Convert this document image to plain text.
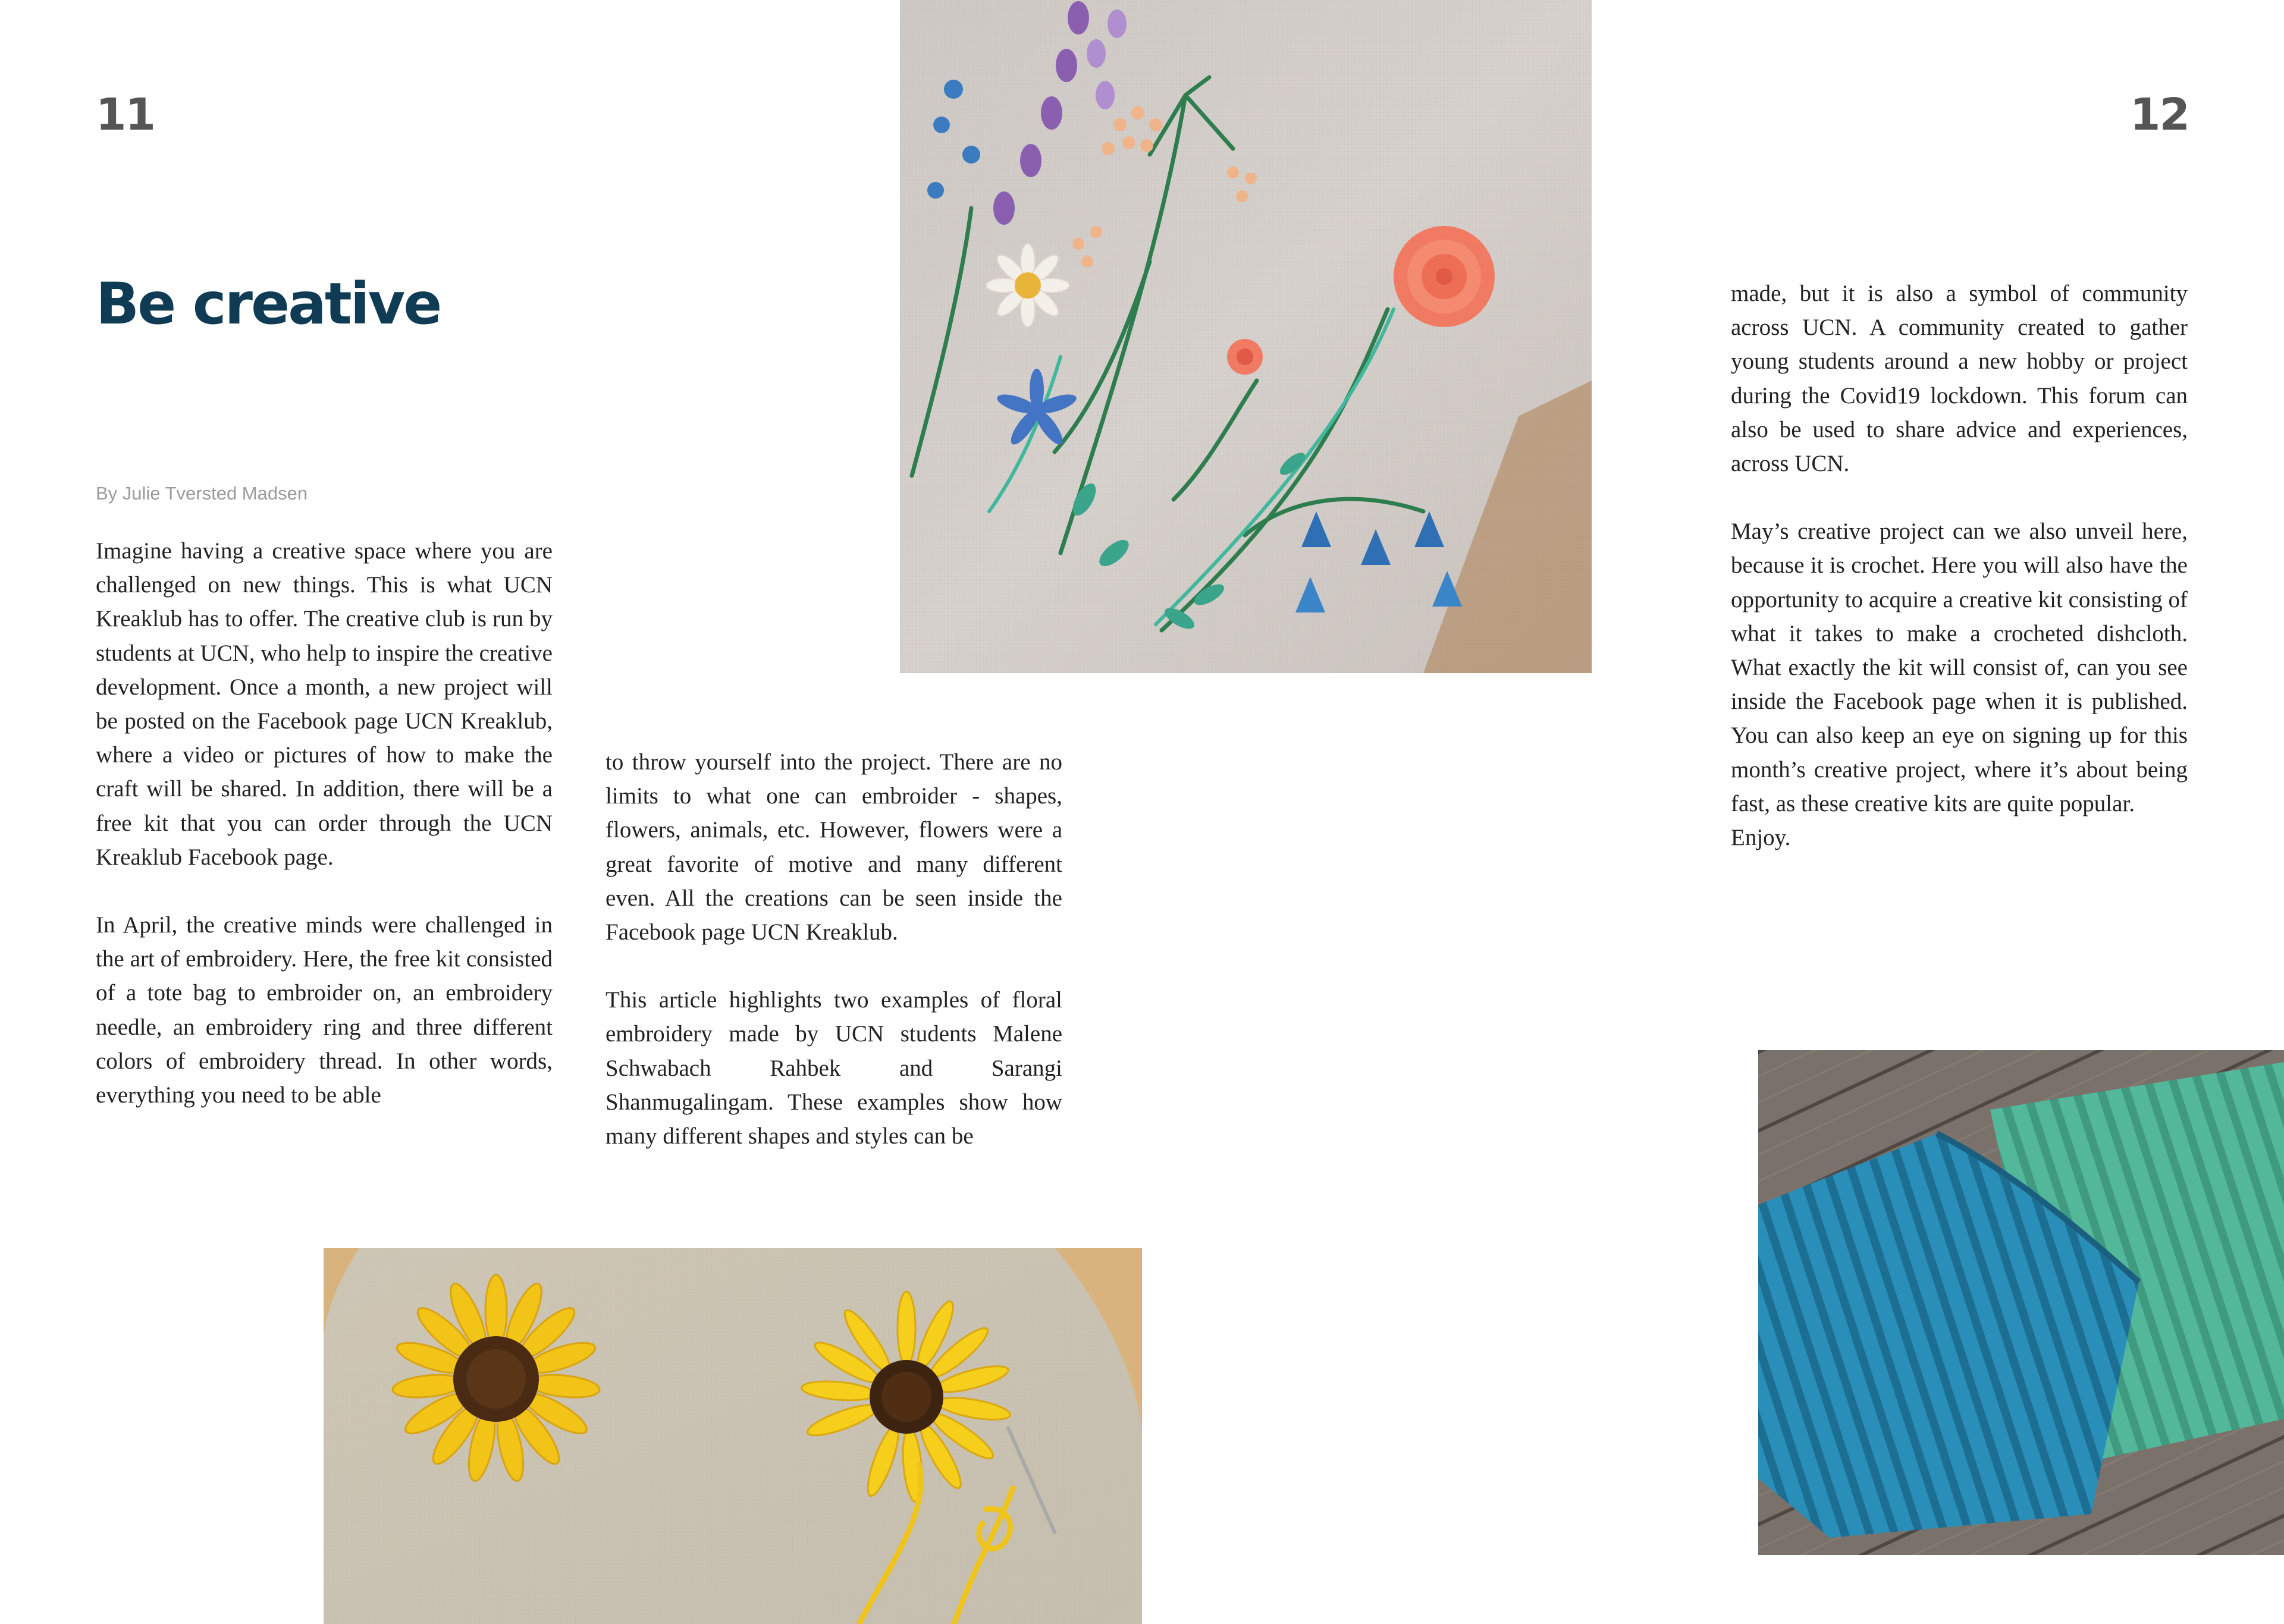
11	12
Be creative
By Julie Tversted Madsen

Imagine having a creative space where you are challenged on new things. This is what UCN Kreaklub has to offer. The creative club is run by students at UCN, who help to inspire the creative development. Once a month, a new project will be posted on the Facebook page UCN Kreaklub, where a video or pictures of how to make the craft will be shared. In addition, there will be a free kit that you can order through the UCN Kreaklub Facebook page.

In April, the creative minds were challenged in the art of embroidery. Here, the free kit consisted of a tote bag to embroider on, an embroidery needle, an embroidery ring and three different colors of embroidery thread. In other words, everything you need to be able

to throw yourself into the project. There are no limits to what one can embroider - shapes, flowers, animals, etc. However, flowers were a great favorite of motive and many different even. All the creations can be seen inside the Facebook page UCN Kreaklub.

This article highlights two examples of floral embroidery made by UCN students Malene Schwabach Rahbek and Sarangi Shanmugalingam. These examples show how many different shapes and styles can be

made, but it is also a symbol of community across UCN. A community created to gather young students around a new hobby or project during the Covid19 lockdown. This forum can also be used to share advice and experiences, across UCN.

May’s creative project can we also unveil here, because it is crochet. Here you will also have the opportunity to acquire a creative kit consisting of what it takes to make a crocheted dishcloth. What exactly the kit will consist of, can you see inside the Facebook page when it is published. You can also keep an eye on signing up for this month’s creative project, where it’s about being fast, as these creative kits are quite popular.
Enjoy.
